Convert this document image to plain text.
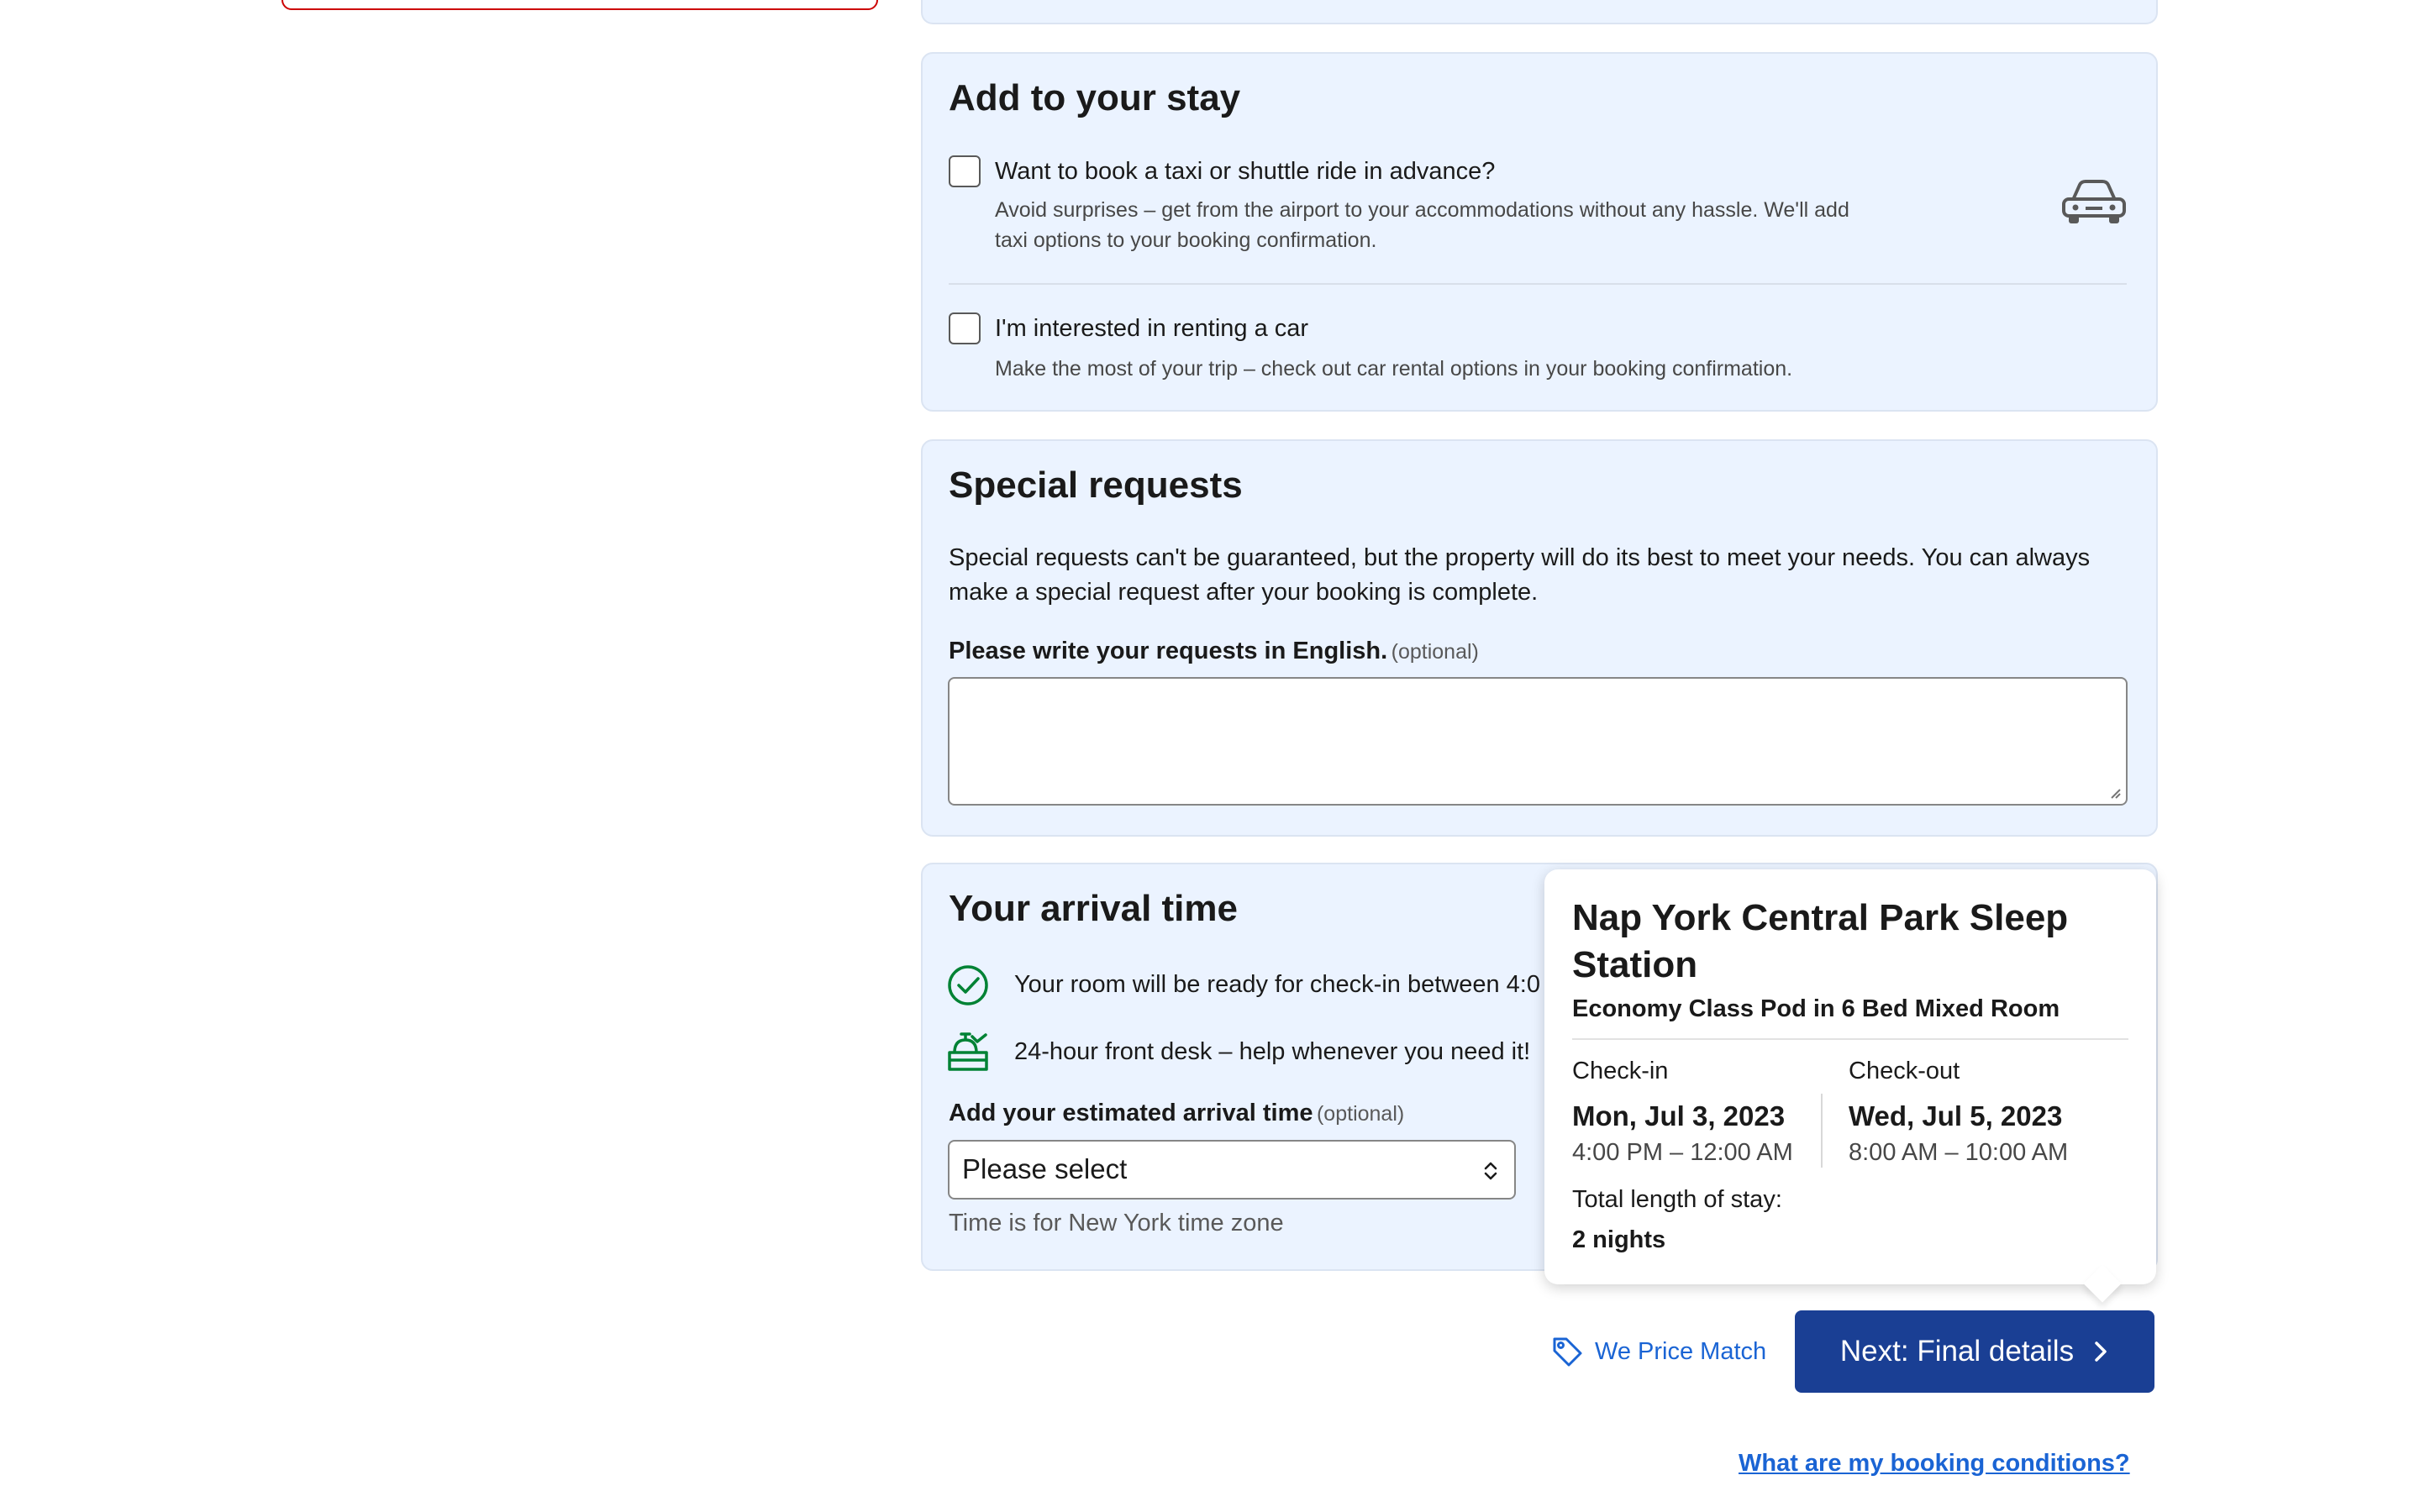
Add to your stay
Want to book a taxi or shuttle ride in advance?
Avoid surprises – get from the airport to your accommodations without any hassle. We'll add
taxi options to your booking confirmation.
I'm interested in renting a car
Make the most of your trip – check out car rental options in your booking confirmation.
Special requests
Special requests can't be guaranteed, but the property will do its best to meet your needs. You can always
make a special request after your booking is complete.
Please write your requests in English. (optional)
Your arrival time
Your room will be ready for check-in between 4:0
24-hour front desk – help whenever you need it!
Add your estimated arrival time (optional)
Please select
Time is for New York time zone
Nap York Central Park Sleep
Station
Economy Class Pod in 6 Bed Mixed Room
Check-in
Mon, Jul 3, 2023
4:00 PM – 12:00 AM
Check-out
Wed, Jul 5, 2023
8:00 AM – 10:00 AM
Total length of stay:
2 nights
We Price Match	Next: Final details
What are my booking conditions?
